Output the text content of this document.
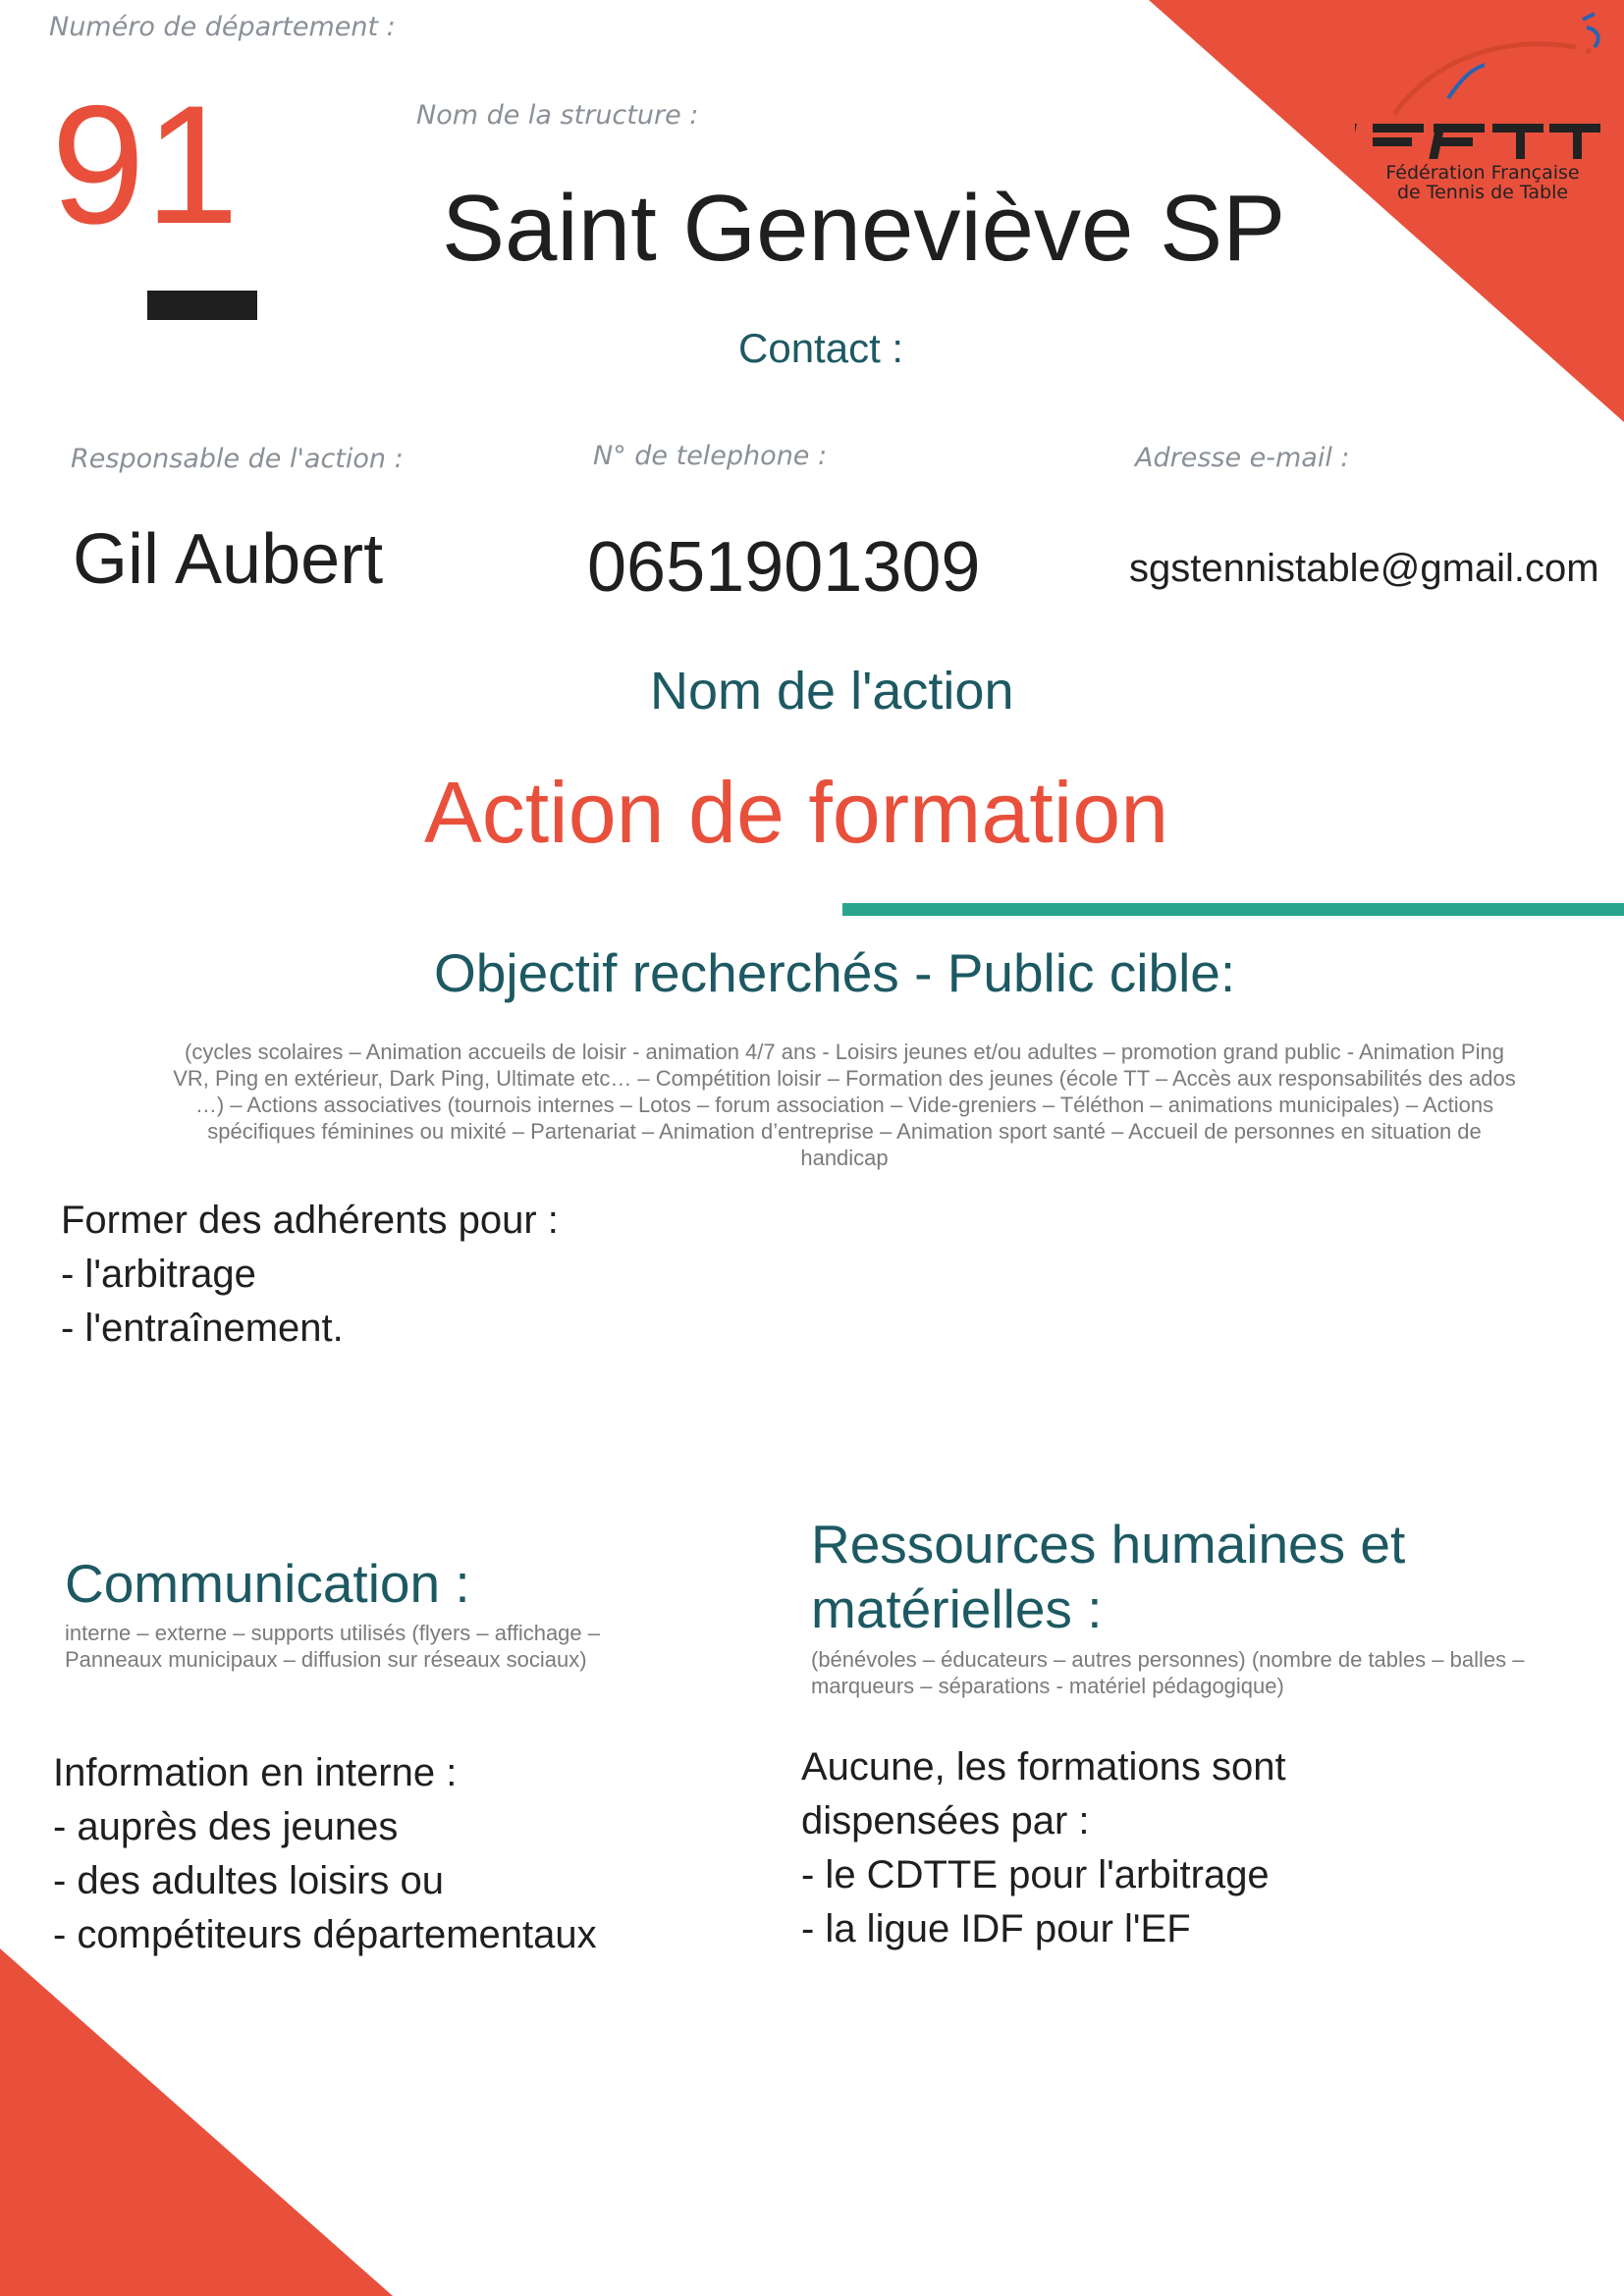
FFTT
Fédération Française
de Tennis de Table
Numéro de département :
91	Nom de la structure :
Saint Geneviève SP
Contact :
Responsable de l'action :	N° de telephone :	Adresse e-mail :
Gil Aubert	0651901309	sgstennistable@gmail.com
Nom de l'action
Action de formation
Objectif recherchés - Public cible:
(cycles scolaires – Animation accueils de loisir - animation 4/7 ans - Loisirs jeunes et/ou adultes – promotion grand public - Animation Ping VR, Ping en extérieur, Dark Ping, Ultimate etc… – Compétition loisir – Formation des jeunes (école TT – Accès aux responsabilités des ados …) – Actions associatives (tournois internes – Lotos – forum association – Vide-greniers – Téléthon – animations municipales) – Actions spécifiques féminines ou mixité – Partenariat – Animation d’entreprise – Animation sport santé – Accueil de personnes en situation de handicap
Former des adhérents pour :
- l'arbitrage
- l'entraînement.
Communication :
interne – externe – supports utilisés (flyers – affichage – Panneaux municipaux – diffusion sur réseaux sociaux)
Information en interne :
- auprès des jeunes
- des adultes loisirs ou
- compétiteurs départementaux
Ressources humaines et matérielles :
(bénévoles – éducateurs – autres personnes) (nombre de tables – balles – marqueurs – séparations - matériel pédagogique)
Aucune, les formations sont
dispensées par :
- le CDTTE pour l'arbitrage
- la ligue IDF pour l'EF
